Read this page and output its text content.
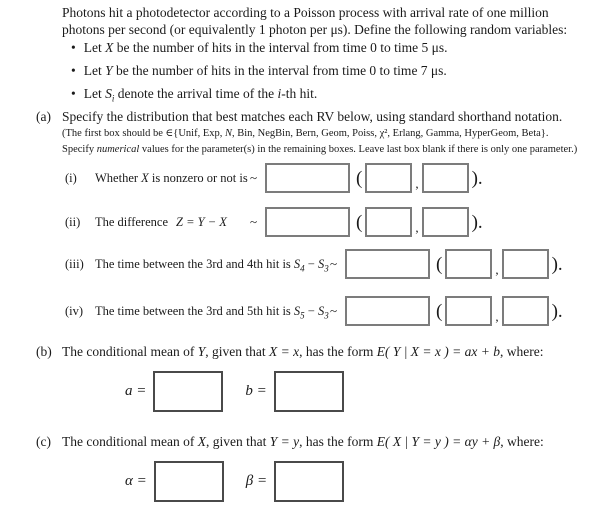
Photons hit a photodetector according to a Poisson process with arrival rate of one million
photons per second (or equivalently 1 photon per μs). Define the following random variables:
• Let X be the number of hits in the interval from time 0 to time 5 μs.
• Let Y be the number of hits in the interval from time 0 to time 7 μs.
• Let $S_i$ denote the arrival time of the i-th hit.
(a) Specify the distribution that best matches each RV below, using standard shorthand notation.
(The first box should be ∈{Unif, Exp, N, Bin, NegBin, Bern, Geom, Poiss, χ², Erlang, Gamma, HyperGeom, Beta}.
Specify numerical values for the parameter(s) in the remaining boxes. Leave last box blank if there is only one parameter.)
(i)	Whether X is nonzero or not is ~	(	,	).
(ii)	The difference Z = Y − X ~	(	,	).
(iii) The time between the 3rd and 4th hit is $S_4 - S_3$ ~	(	,	).
(iv) The time between the 3rd and 5th hit is $S_5 - S_3$ ~	(	,	).
(b) The conditional mean of Y, given that X = x, has the form E( Y | X = x ) = ax + b, where:
a =	b =
(c) The conditional mean of X, given that Y = y, has the form E( X | Y = y ) = αy + β, where:
α =	β =
